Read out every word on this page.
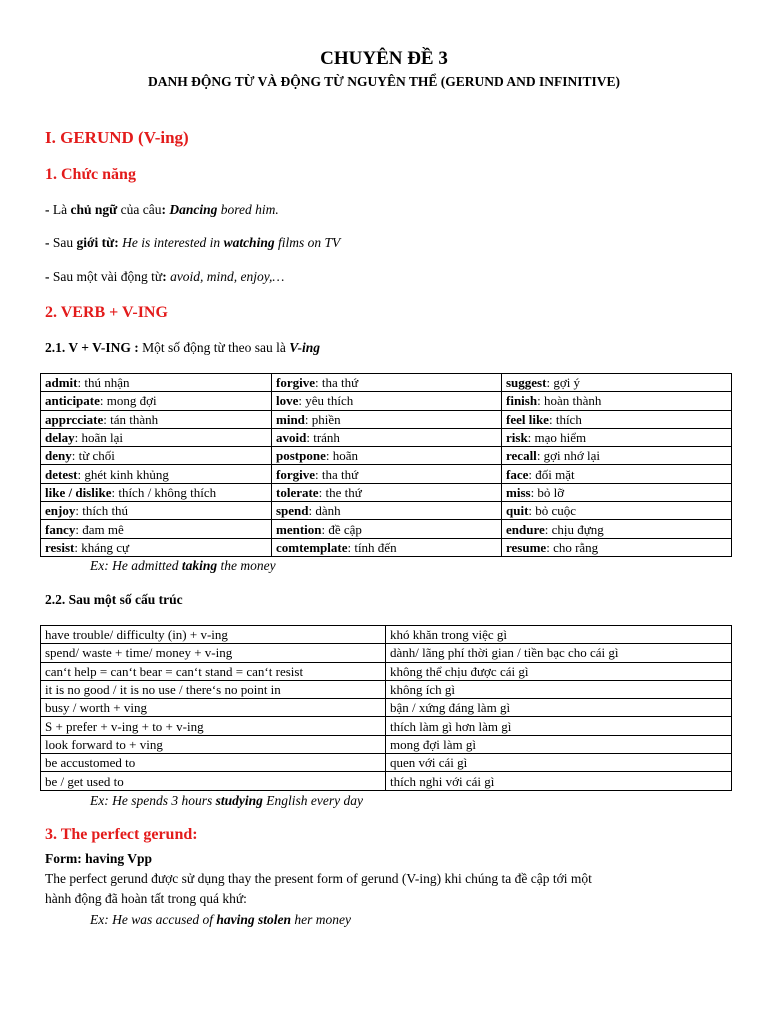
CHUYÊN ĐỀ 3
DANH ĐỘNG TỪ VÀ ĐỘNG TỪ NGUYÊN THỂ (GERUND AND INFINITIVE)
I. GERUND (V-ing)
1. Chức năng
- Là chủ ngữ của câu: Dancing bored him.
- Sau giới từ: He is interested in watching films on TV
- Sau một vài động từ: avoid, mind, enjoy,…
2. VERB + V-ING
2.1. V + V-ING : Một số động từ theo sau là V-ing
admit: thú nhận	forgive: tha thứ	suggest: gợi ý
anticipate: mong đợi	love: yêu thích	finish: hoàn thành
apprcciate: tán thành	mind: phiền	feel like: thích
delay: hoãn lại	avoid: tránh	risk: mạo hiểm
deny: từ chối	postpone: hoãn	recall: gợi nhớ lại
detest: ghét kinh khủng	forgive: tha thứ	face: đối mặt
like / dislike: thích / không thích	tolerate: the thứ	miss: bỏ lỡ
enjoy: thích thú	spend: dành	quit: bỏ cuộc
fancy: đam mê	mention: đề cập	endure: chịu đựng
resist: kháng cự	comtemplate: tính đến	resume: cho rằng
Ex: He admitted taking the money
2.2. Sau một số cấu trúc
have trouble/ difficulty (in) + v-ing	khó khăn trong việc gì
spend/ waste + time/ money + v-ing	dành/ lãng phí thời gian / tiền bạc cho cái gì
can‘t help = can‘t bear = can‘t stand = can‘t resist	không thể chịu được cái gì
it is no good / it is no use / there‘s no point in	không ích gì
busy / worth + ving	bận / xứng đáng làm gì
S + prefer + v-ing + to + v-ing	thích làm gì hơn làm gì
look forward to + ving	mong đợi làm gì
be accustomed to	quen với cái gì
be / get used to	thích nghi với cái gì
Ex: He spends 3 hours studying English every day
3. The perfect gerund:
Form: having Vpp
The perfect gerund được sử dụng thay the present form of gerund (V-ing) khi chúng ta đề cập tới một
hành động đã hoàn tất trong quá khứ:
Ex: He was accused of having stolen her money
